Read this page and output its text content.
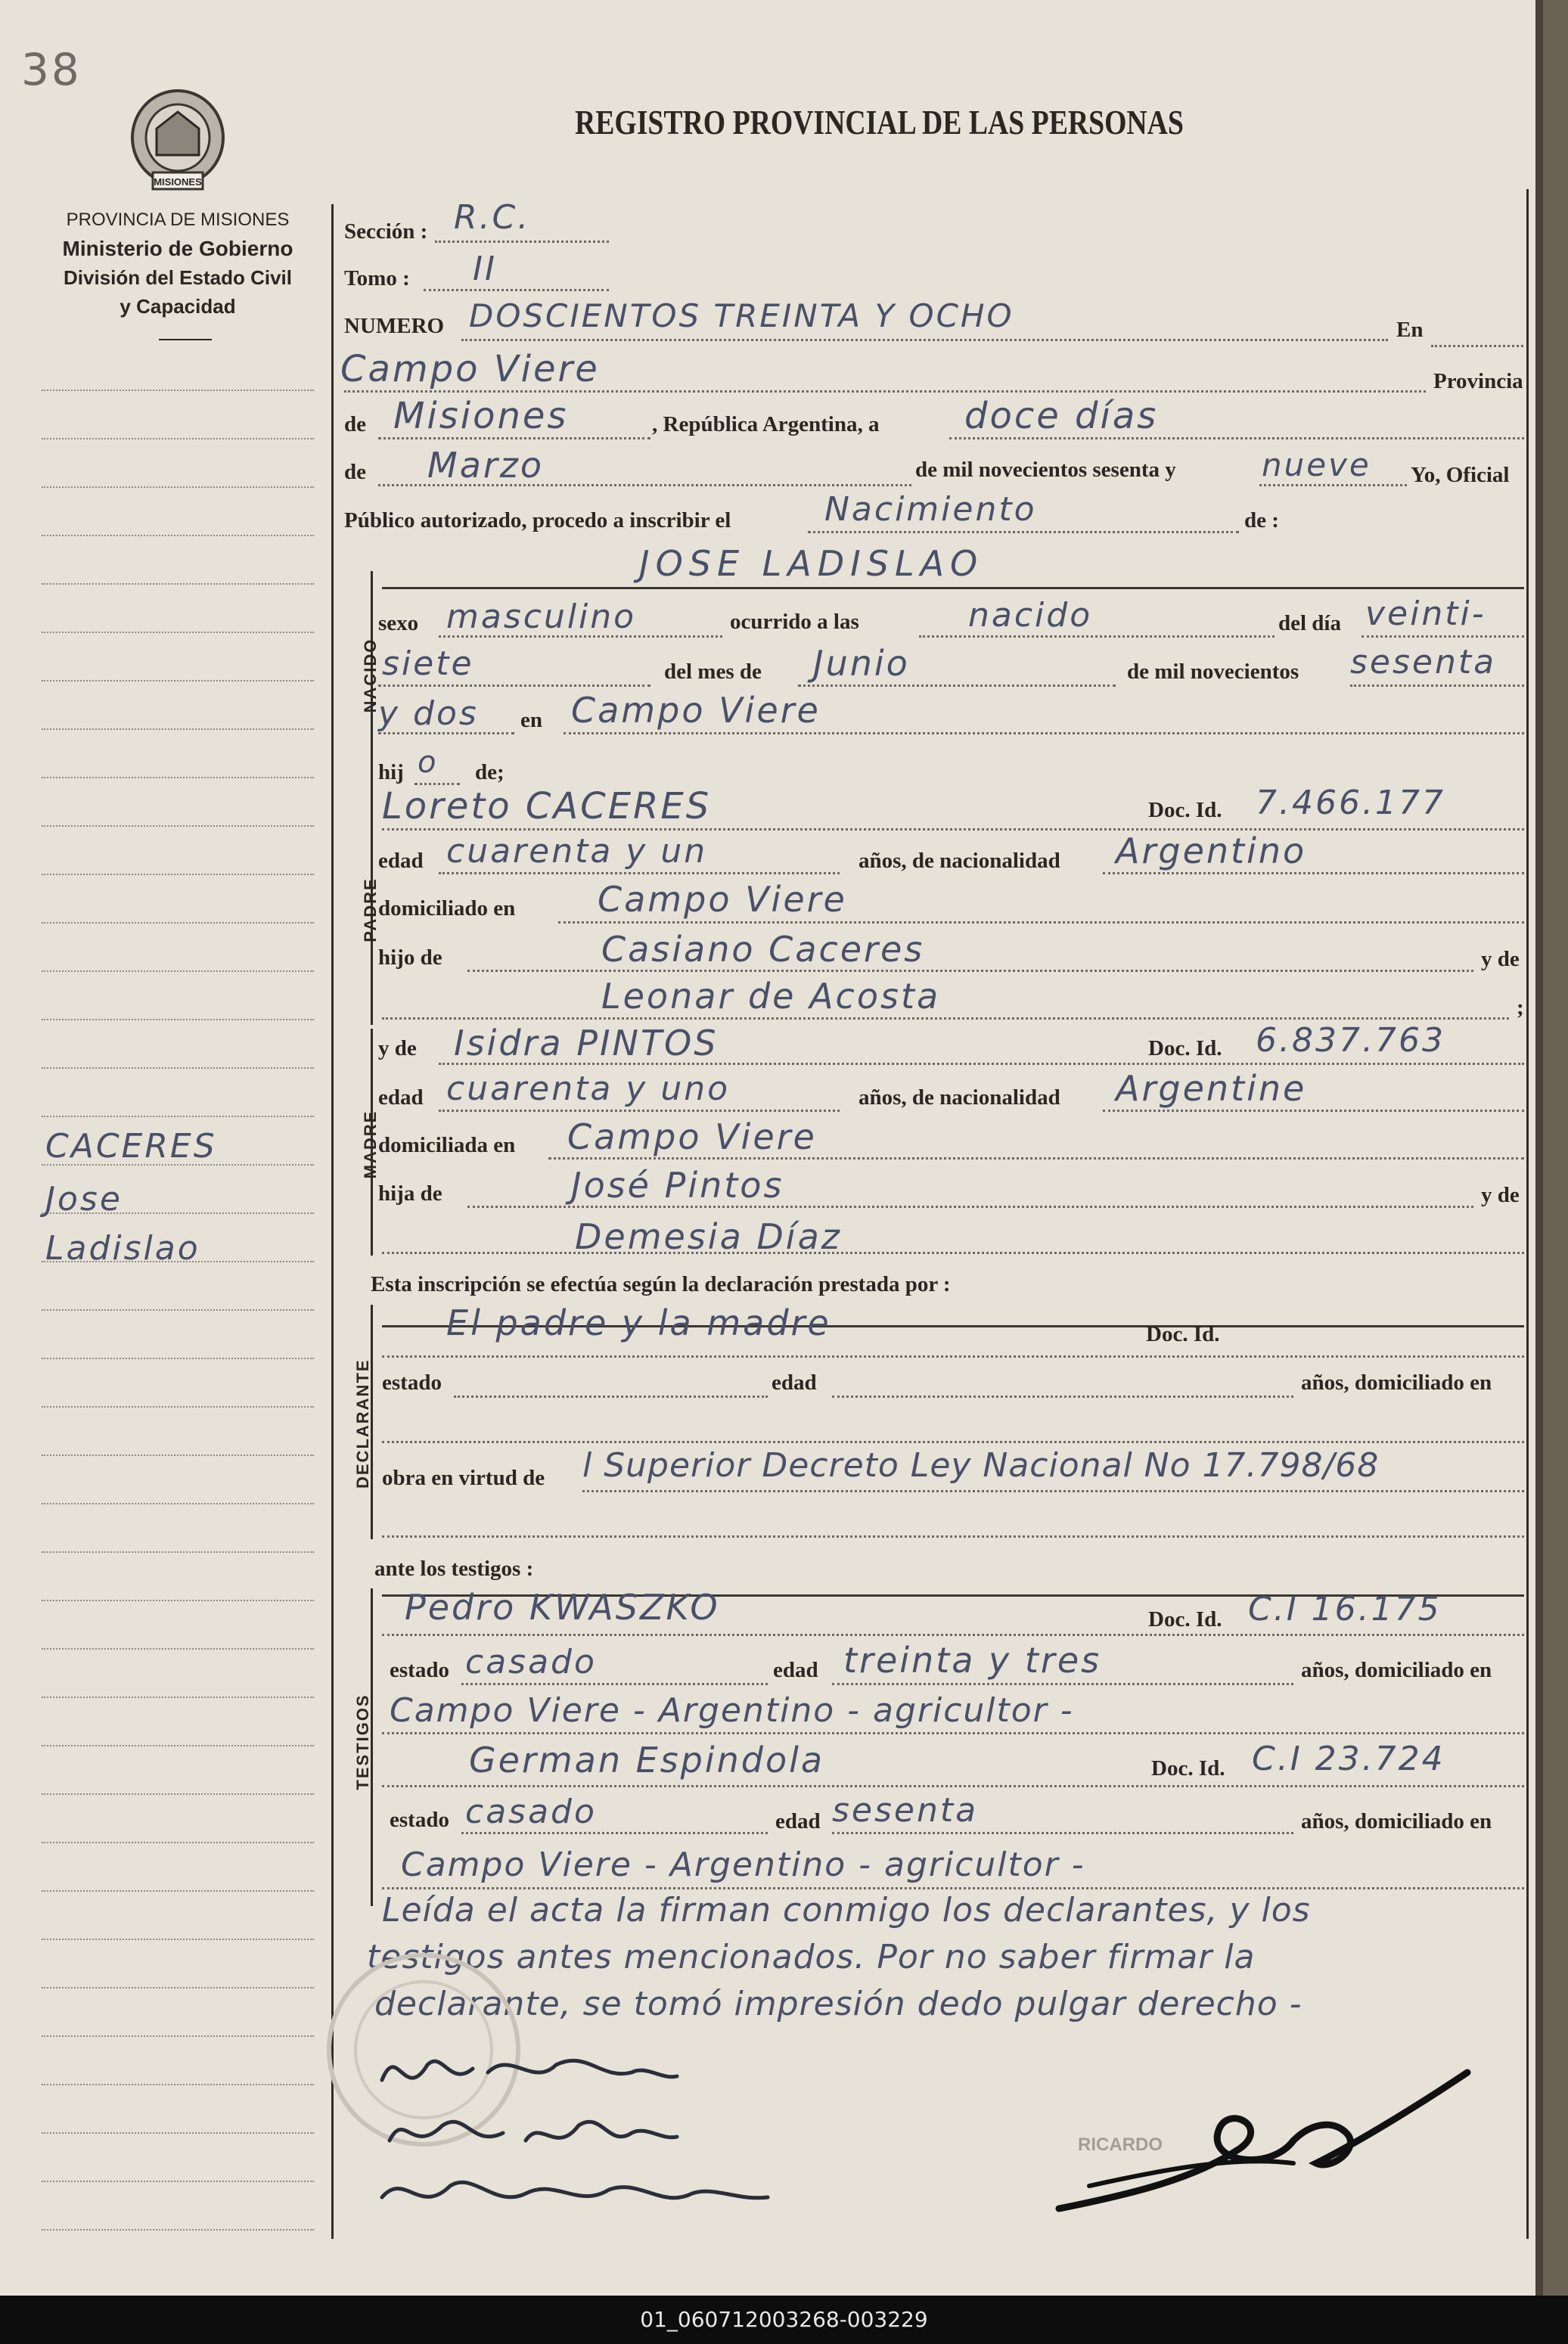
38
MISIONES
REGISTRO PROVINCIAL DE LAS PERSONAS
PROVINCIA DE MISIONES
Ministerio de Gobierno
División del Estado Civil
y Capacidad
CACERES
Jose
Ladislao
Sección : R.C.
Tomo : II
NUMERO DOSCIENTOS TREINTA Y OCHO	En
Campo Viere	Provincia
de Misiones	, República Argentina, a doce días
de Marzo	de mil novecientos sesenta y	nueve Yo, Oficial
Público autorizado, procedo a inscribir el	Nacimiento	de :
NACIDO
JOSE LADISLAO
sexo masculino	ocurrido a las	nacido	del día veinti-
siete	del mes de Junio	de mil novecientos sesenta
y dos en Campo Viere
hij o de;
PADRE
Loreto CACERES	Doc. Id. 7.466.177
edad cuarenta y un	años, de nacionalidad Argentino
domiciliado en Campo Viere
hijo de	Casiano Caceres	y de
Leonar de Acosta	;
MADRE
y de Isidra PINTOS	Doc. Id. 6.837.763
edad cuarenta y uno	años, de nacionalidad Argentine
domiciliada en Campo Viere
hija de	José Pintos	y de
Demesia Díaz
Esta inscripción se efectúa según la declaración prestada por :
DECLARANTE
El padre y la madre	Doc. Id.
estado	edad	años, domiciliado en
obra en virtud de l Superior Decreto Ley Nacional No 17.798/68
ante los testigos :
TESTIGOS
Pedro KWASZKO	Doc. Id. C.I 16.175
estado casado	edad treinta y tres	años, domiciliado en
Campo Viere - Argentino - agricultor -
German Espindola	Doc. Id. C.I 23.724
estado casado	edad sesenta	años, domiciliado en
Campo Viere - Argentino - agricultor -
Leída el acta la firman conmigo los declarantes, y los
testigos antes mencionados. Por no saber firmar la
declarante, se tomó impresión dedo pulgar derecho -
RICARDO
01_060712003268-003229
